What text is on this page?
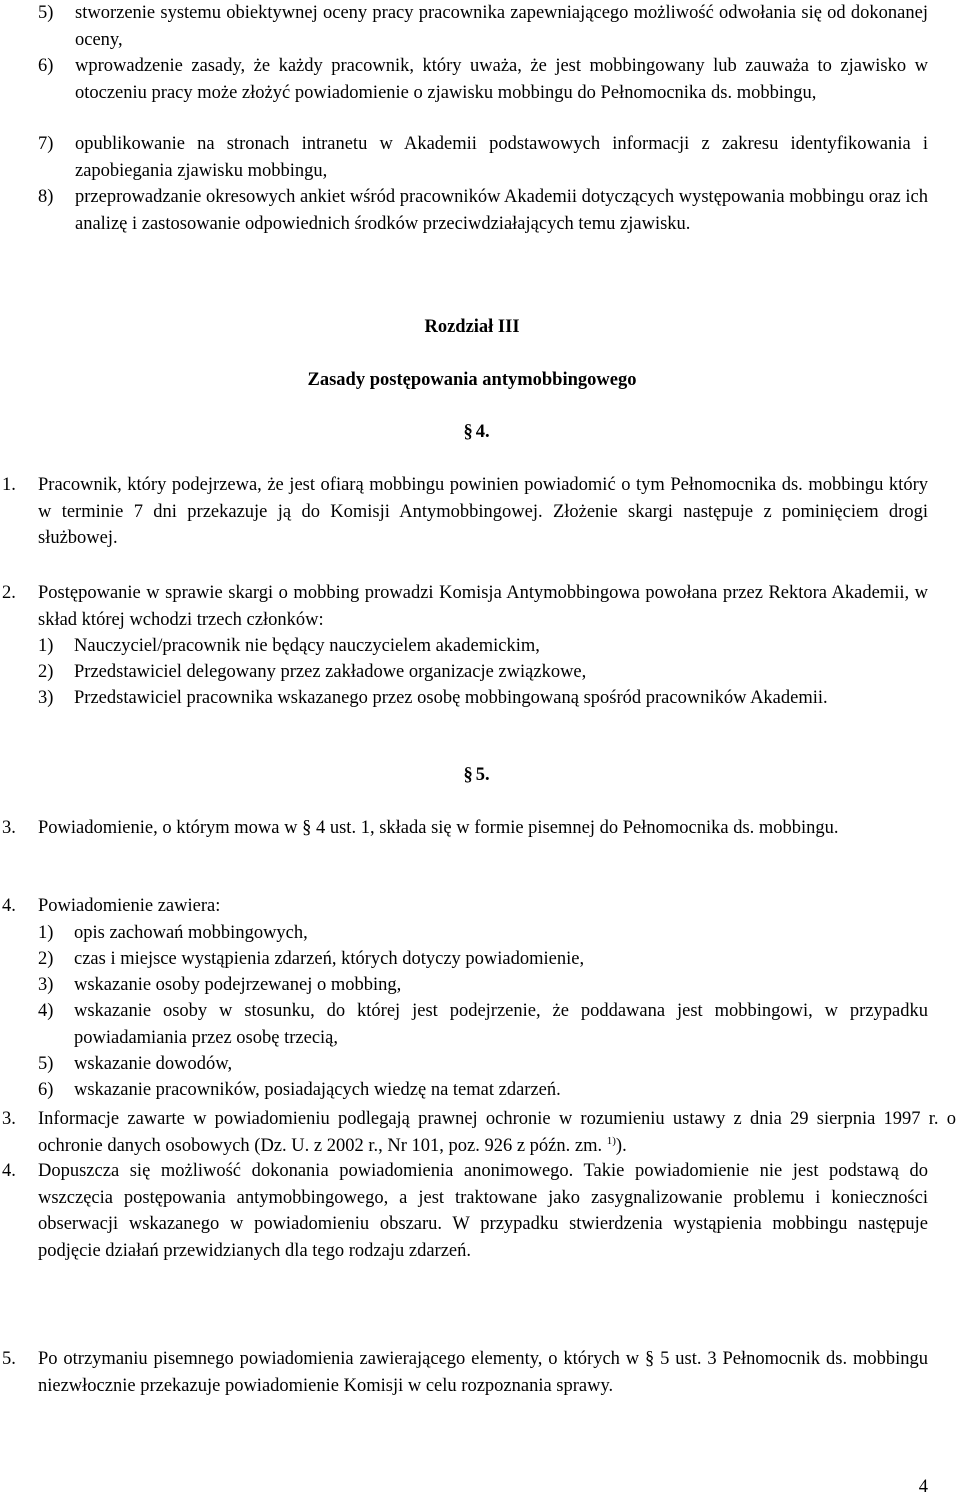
5)	stworzenie systemu obiektywnej oceny pracy pracownika zapewniającego możliwość odwołania się od dokonanej oceny,
6)	wprowadzenie zasady, że każdy pracownik, który uważa, że jest mobbingowany lub zauważa to zjawisko w otoczeniu pracy może złożyć powiadomienie o zjawisku mobbingu do Pełnomocnika ds. mobbingu,
7)	opublikowanie na stronach intranetu w Akademii podstawowych informacji z zakresu identyfikowania i zapobiegania zjawisku mobbingu,
8)	przeprowadzanie okresowych ankiet wśród pracowników Akademii dotyczących występowania mobbingu oraz ich analizę i zastosowanie odpowiednich środków przeciwdziałających temu zjawisku.
Rozdział III
Zasady postępowania antymobbingowego
§ 4.
1.	Pracownik, który podejrzewa, że jest ofiarą mobbingu powinien powiadomić o tym Pełnomocnika ds. mobbingu który w terminie 7 dni przekazuje ją do Komisji Antymobbingowej. Złożenie skargi następuje z pominięciem drogi służbowej.
2.	Postępowanie w sprawie skargi o mobbing prowadzi Komisja Antymobbingowa powołana przez Rektora Akademii, w skład której wchodzi trzech członków:
1)	Nauczyciel/pracownik nie będący nauczycielem akademickim,
2)	Przedstawiciel delegowany przez zakładowe organizacje związkowe,
3)	Przedstawiciel pracownika wskazanego przez osobę mobbingowaną spośród pracowników Akademii.
§ 5.
3.	Powiadomienie, o którym mowa w § 4 ust. 1, składa się w formie pisemnej do Pełnomocnika ds. mobbingu.
4.	Powiadomienie zawiera:
1)	opis zachowań mobbingowych,
2)	czas i miejsce wystąpienia zdarzeń, których dotyczy powiadomienie,
3)	wskazanie osoby podejrzewanej o mobbing,
4)	wskazanie osoby w stosunku, do której jest podejrzenie, że poddawana jest mobbingowi, w przypadku powiadamiania przez osobę trzecią,
5)	wskazanie dowodów,
6)	wskazanie pracowników, posiadających wiedzę na temat zdarzeń.
3.	Informacje zawarte w powiadomieniu podlegają prawnej ochronie w rozumieniu ustawy z dnia 29 sierpnia 1997 r. o ochronie danych osobowych (Dz. U. z 2002 r., Nr 101, poz. 926 z późn. zm. $^{1)}$).
4.	Dopuszcza się możliwość dokonania powiadomienia anonimowego. Takie powiadomienie nie jest podstawą do wszczęcia postępowania antymobbingowego, a jest traktowane jako zasygnalizowanie problemu i konieczności obserwacji wskazanego w powiadomieniu obszaru. W przypadku stwierdzenia wystąpienia mobbingu następuje podjęcie działań przewidzianych dla tego rodzaju zdarzeń.
5.	Po otrzymaniu pisemnego powiadomienia zawierającego elementy, o których w § 5 ust. 3 Pełnomocnik ds. mobbingu niezwłocznie przekazuje powiadomienie Komisji w celu rozpoznania sprawy.
4
